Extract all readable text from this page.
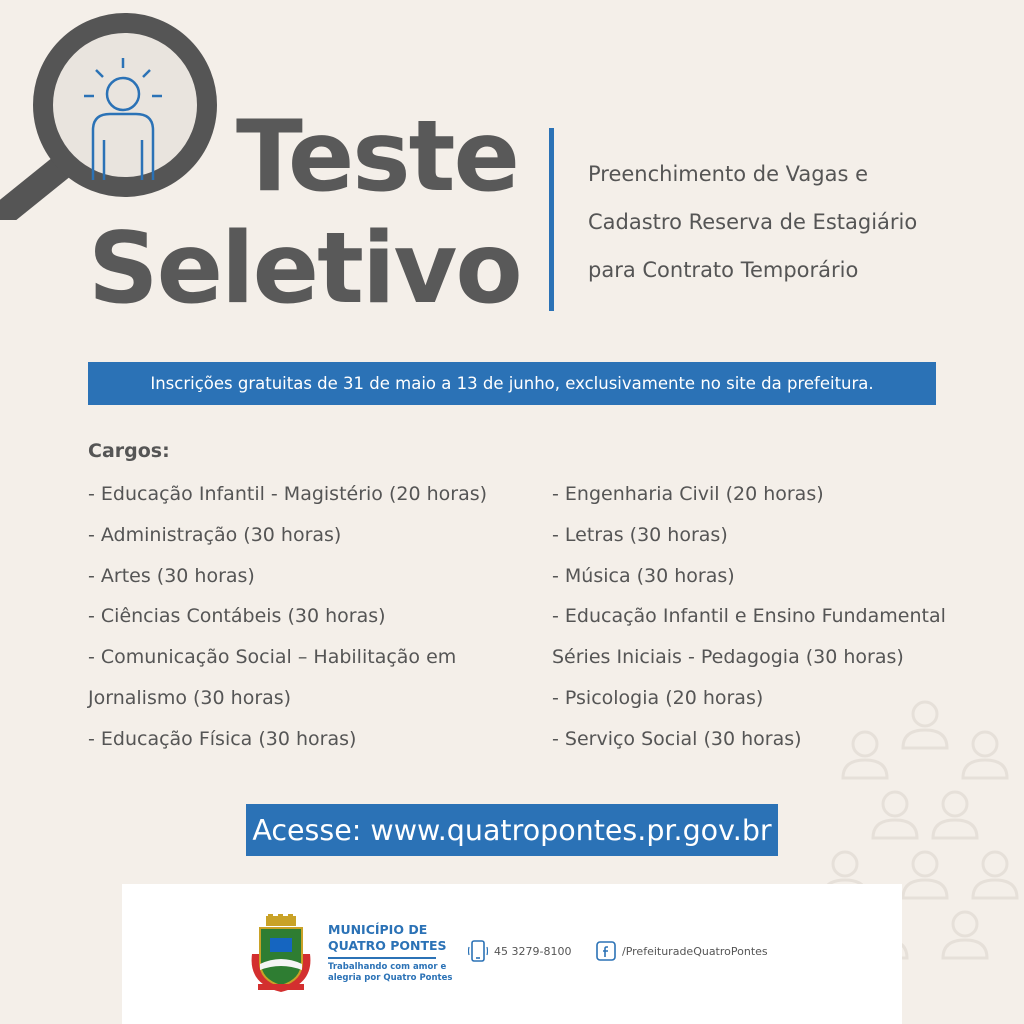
Teste
Seletivo
Preenchimento de Vagas e
Cadastro Reserva de Estagiário
para Contrato Temporário
Inscrições gratuitas de 31 de maio a 13 de junho, exclusivamente no site da prefeitura.
Cargos:
- Educação Infantil - Magistério (20 horas)
- Administração (30 horas)
- Artes (30 horas)
- Ciências Contábeis (30 horas)
- Comunicação Social – Habilitação em
Jornalismo (30 horas)
- Educação Física (30 horas)
- Engenharia Civil (20 horas)
- Letras (30 horas)
- Música (30 horas)
- Educação Infantil e Ensino Fundamental
Séries Iniciais - Pedagogia (30 horas)
- Psicologia (20 horas)
- Serviço Social (30 horas)
Acesse: www.quatropontes.pr.gov.br
MUNICÍPIO DE
QUATRO PONTES
Trabalhando com amor e
alegria por Quatro Pontes
45 3279-8100	/PrefeituradeQuatroPontes
